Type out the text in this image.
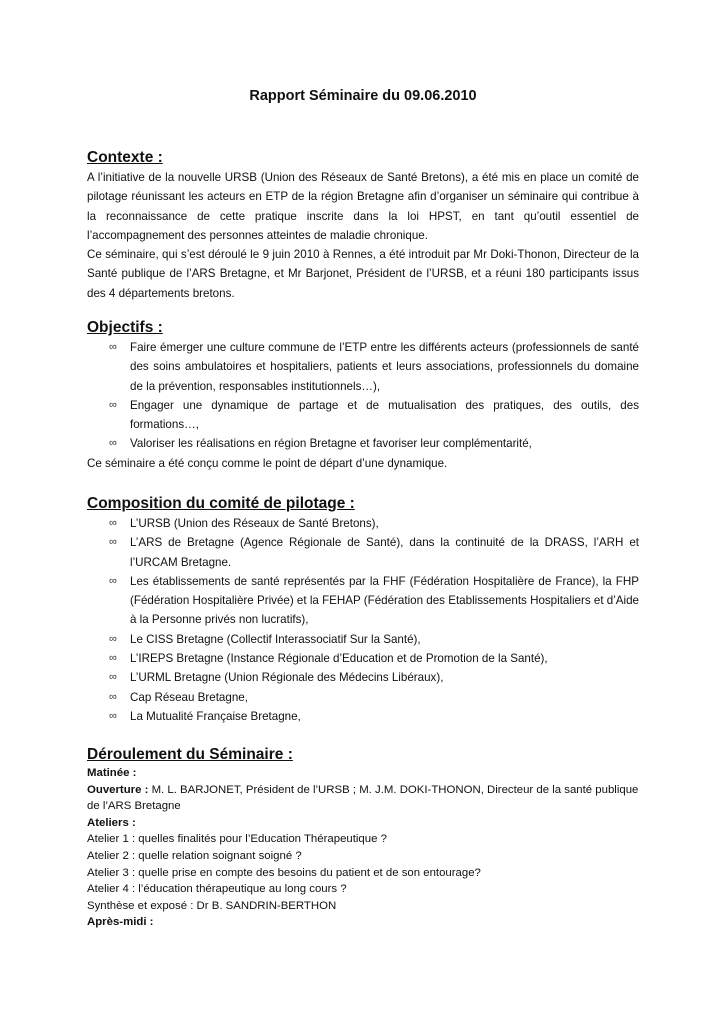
Rapport Séminaire du 09.06.2010
Contexte :

A l’initiative de la nouvelle URSB (Union des Réseaux de Santé Bretons), a été mis en place un comité de pilotage réunissant les acteurs en ETP de la région Bretagne afin d’organiser un séminaire qui contribue à la reconnaissance de cette pratique inscrite dans la loi HPST, en tant qu’outil essentiel de l’accompagnement des personnes atteintes de maladie chronique.

Ce séminaire, qui s’est déroulé le 9 juin 2010 à Rennes, a été introduit par Mr Doki-Thonon, Directeur de la Santé publique de l’ARS Bretagne, et Mr Barjonet, Président de l’URSB, et a réuni 180 participants issus des 4 départements bretons.

Objectifs :
∞ Faire émerger une culture commune de l’ETP entre les différents acteurs (professionnels de santé des soins ambulatoires et hospitaliers, patients et leurs associations, professionnels du domaine de la prévention, responsables institutionnels…),
∞ Engager une dynamique de partage et de mutualisation des pratiques, des outils, des formations…,
∞ Valoriser les réalisations en région Bretagne et favoriser leur complémentarité,

Ce séminaire a été conçu comme le point de départ d’une dynamique.

Composition du comité de pilotage :
∞ L’URSB (Union des Réseaux de Santé Bretons),
∞ L’ARS de Bretagne (Agence Régionale de Santé), dans la continuité de la DRASS, l’ARH et l’URCAM Bretagne.
∞ Les établissements de santé représentés par la FHF (Fédération Hospitalière de France), la FHP (Fédération Hospitalière Privée) et la FEHAP (Fédération des Etablissements Hospitaliers et d’Aide à la Personne privés non lucratifs),
∞ Le CISS Bretagne (Collectif Interassociatif Sur la Santé),
∞ L’IREPS Bretagne (Instance Régionale d’Education et de Promotion de la Santé),
∞ L’URML Bretagne (Union Régionale des Médecins Libéraux),
∞ Cap Réseau Bretagne,
∞ La Mutualité Française Bretagne,
Déroulement du Séminaire :

Matinée :

Ouverture : M. L. BARJONET, Président de l’URSB ; M. J.M. DOKI-THONON, Directeur de la santé publique de l’ARS Bretagne

Ateliers :

Atelier 1 : quelles finalités pour l’Education Thérapeutique ?

Atelier 2 : quelle relation soignant soigné ?

Atelier 3 : quelle prise en compte des besoins du patient et de son entourage?

Atelier 4 : l’éducation thérapeutique au long cours ?

Synthèse et exposé : Dr B. SANDRIN-BERTHON

Après-midi :
